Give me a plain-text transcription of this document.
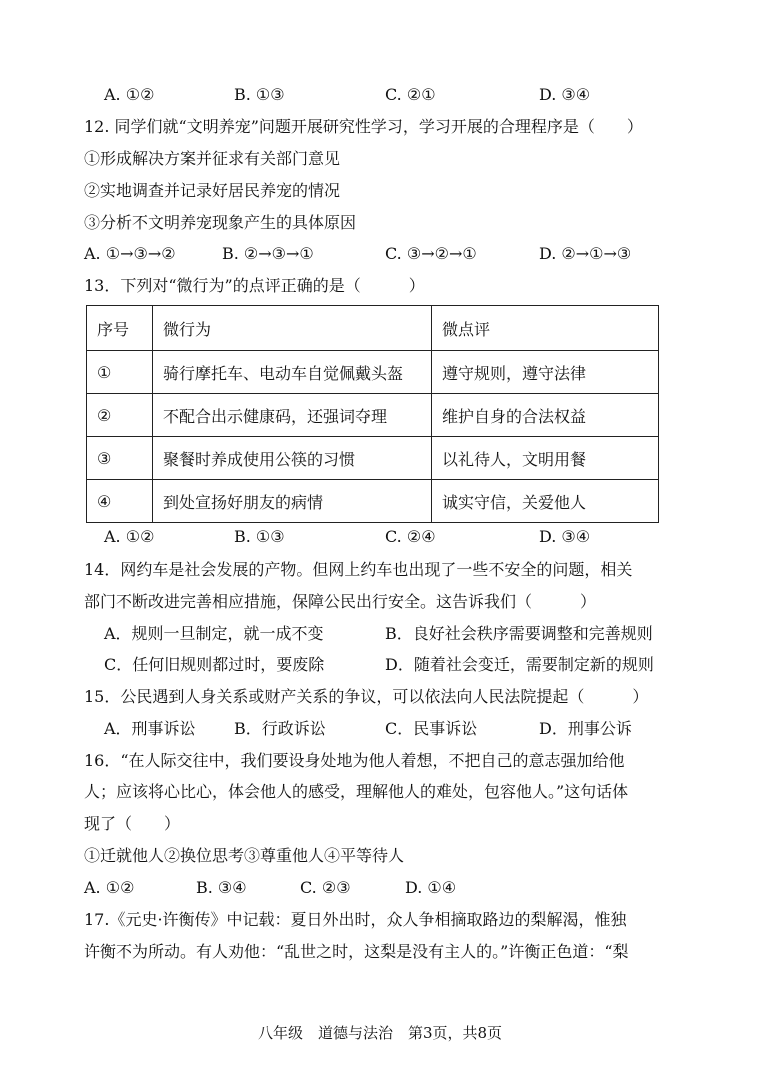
A. ①②	B. ①③	C. ②①	D. ③④
12. 同学们就“文明养宠”问题开展研究性学习，学习开展的合理程序是（　　）
①形成解决方案并征求有关部门意见
②实地调查并记录好居民养宠的情况
③分析不文明养宠现象产生的具体原因
A. ①→③→②	B. ②→③→①	C. ③→②→①	D. ②→①→③
13．下列对“微行为”的点评正确的是（　　　）
序号	微行为	微点评
①	骑行摩托车、电动车自觉佩戴头盔	遵守规则，遵守法律
②	不配合出示健康码，还强词夺理	维护自身的合法权益
③	聚餐时养成使用公筷的习惯	以礼待人，文明用餐
④	到处宣扬好朋友的病情	诚实守信，关爱他人
A. ①②	B. ①③	C. ②④	D. ③④
14．网约车是社会发展的产物。但网上约车也出现了一些不安全的问题，相关
部门不断改进完善相应措施，保障公民出行安全。这告诉我们（　　　）
A．规则一旦制定，就一成不变	B．良好社会秩序需要调整和完善规则
C．任何旧规则都过时，要废除	D．随着社会变迁，需要制定新的规则
15．公民遇到人身关系或财产关系的争议，可以依法向人民法院提起（　　　）
A．刑事诉讼 B．行政诉讼	C．民事诉讼	D．刑事公诉
16．“在人际交往中，我们要设身处地为他人着想，不把自己的意志强加给他
人；应该将心比心，体会他人的感受，理解他人的难处，包容他人。”这句话体
现了（　　）
①迁就他人②换位思考③尊重他人④平等待人
A. ①②	B. ③④	C. ②③	D. ①④
17.《元史·许衡传》中记载：夏日外出时，众人争相摘取路边的梨解渴，惟独
许衡不为所动。有人劝他：“乱世之时，这梨是没有主人的。”许衡正色道：“梨
八年级　道德与法治　第3页，共8页
